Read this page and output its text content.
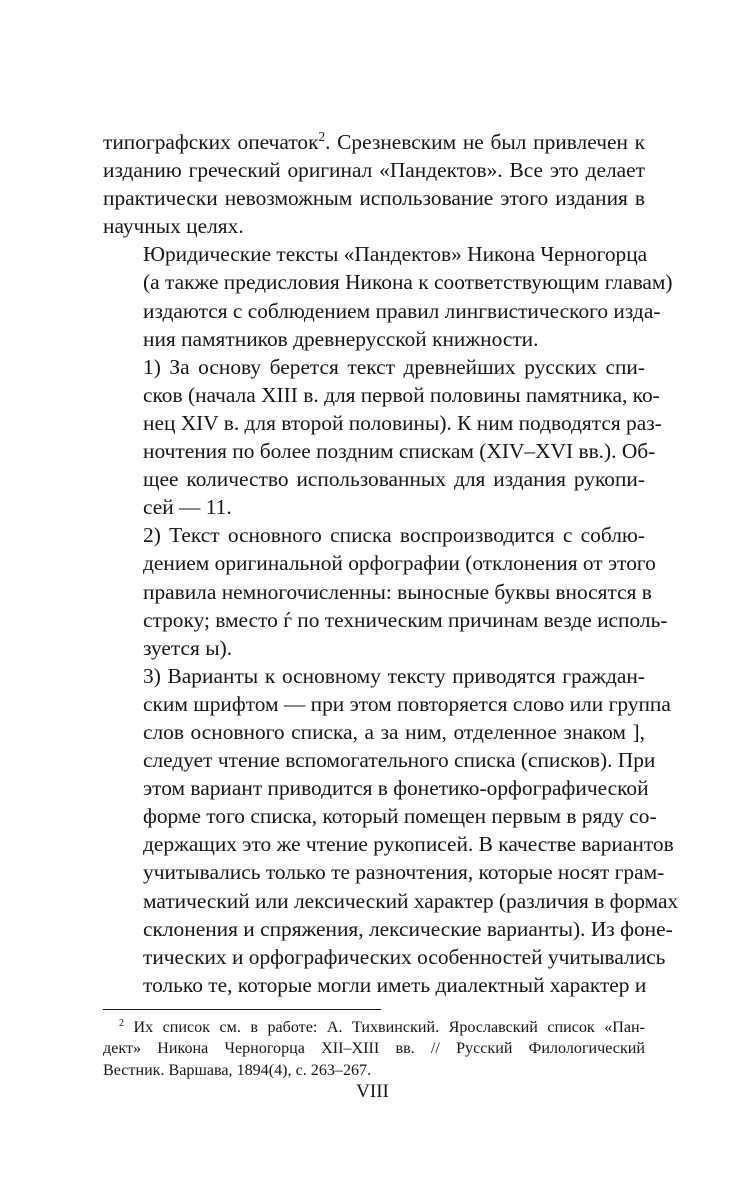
типографских опечаток$^2$. Срезневским не был привлечен к
изданию греческий оригинал «Пандектов». Все это делает
практически невозможным использование этого издания в
научных целях.

Юридические тексты «Пандектов» Никона Черногорца
(а также предисловия Никона к соответствующим главам)
издаются с соблюдением правил лингвистического изда-
ния памятников древнерусской книжности.

1) За основу берется текст древнейших русских спи-
сков (начала XIII в. для первой половины памятника, ко-
нец XIV в. для второй половины). К ним подводятся раз-
ночтения по более поздним спискам (XIV–XVI вв.). Об-
щее количество использованных для издания рукопи-
сей — 11.

2) Текст основного списка воспроизводится с соблю-
дением оригинальной орфографии (отклонения от этого
правила немногочисленны: выносные буквы вносятся в
строку; вместо ѓ по техническим причинам везде исполь-
зуется ы).

3) Варианты к основному тексту приводятся граждан-
ским шрифтом — при этом повторяется слово или группа
слов основного списка, а за ним, отделенное знаком ],
следует чтение вспомогательного списка (списков). При
этом вариант приводится в фонетико-орфографической
форме того списка, который помещен первым в ряду со-
держащих это же чтение рукописей. В качестве вариантов
учитывались только те разночтения, которые носят грам-
матический или лексический характер (различия в формах
склонения и спряжения, лексические варианты). Из фоне-
тических и орфографических особенностей учитывались
только те, которые могли иметь диалектный характер и

$^2$ Их список см. в работе: А. Тихвинский. Ярославский список «Пан-
дект» Никона Черногорца XII–XIII вв. // Русский Филологический
Вестник. Варшава, 1894(4), с. 263–267.
VIII
